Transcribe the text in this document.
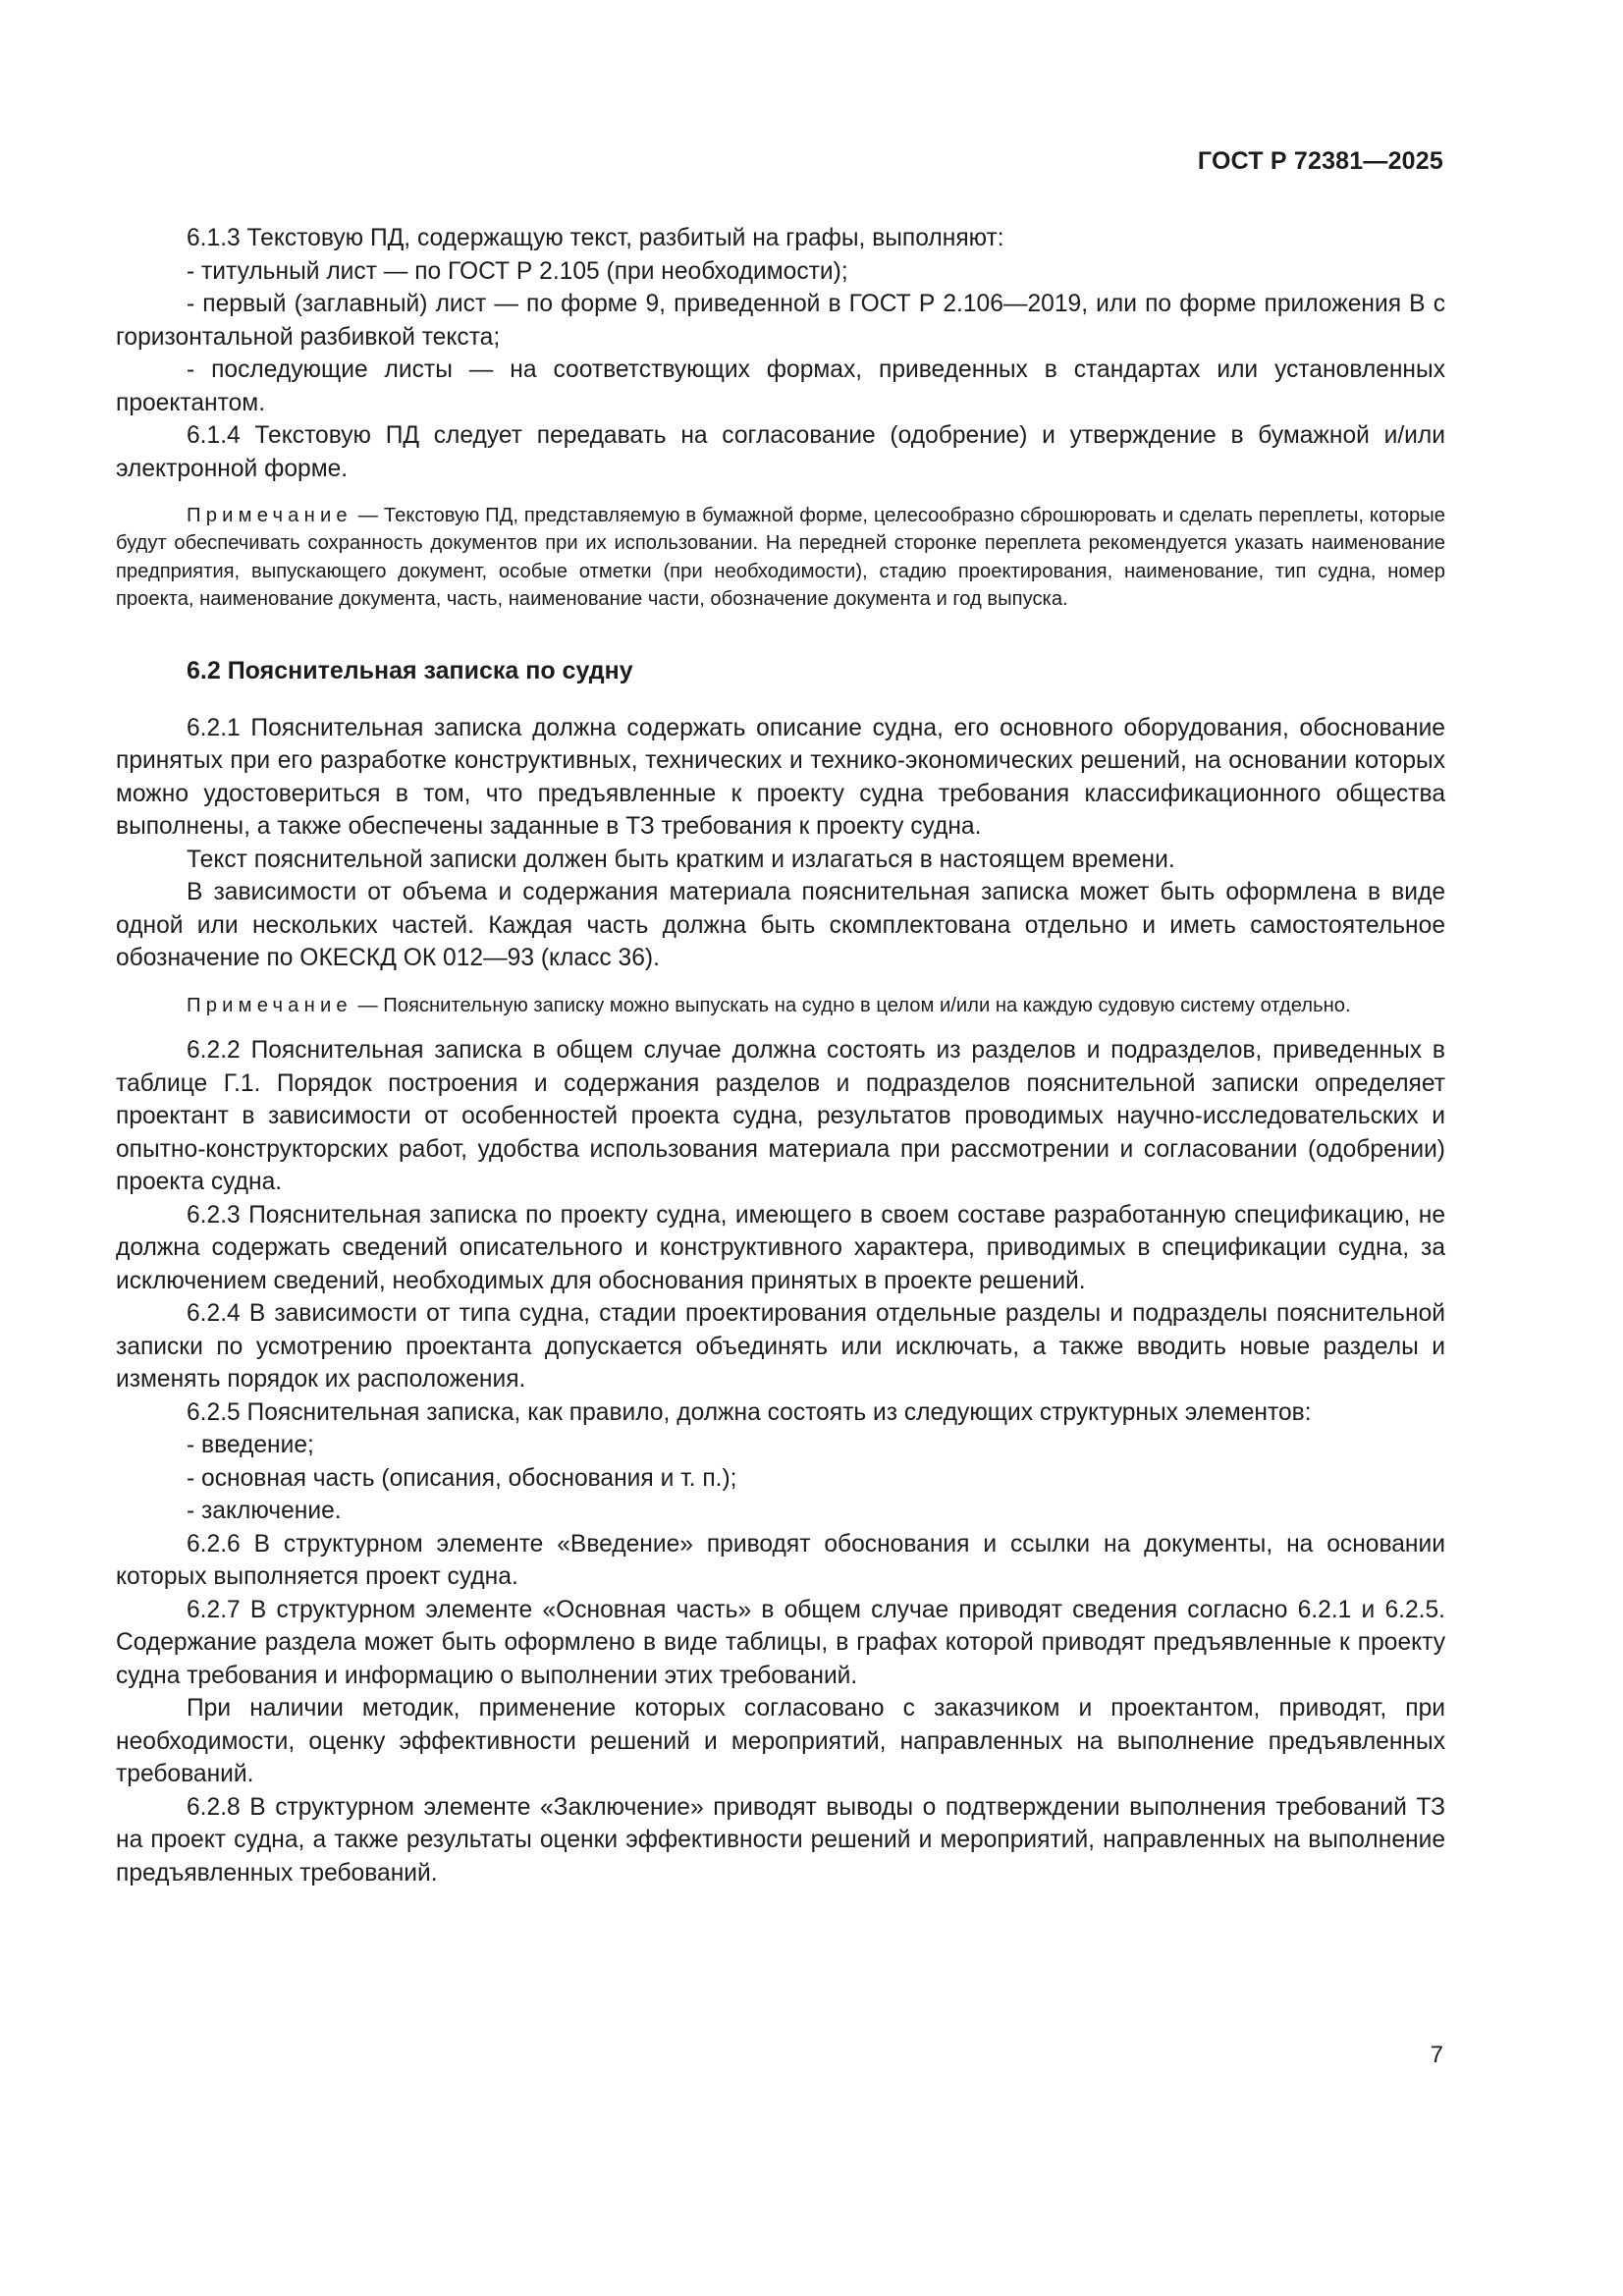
ГОСТ Р 72381—2025

6.1.3 Текстовую ПД, содержащую текст, разбитый на графы, выполняют:

- титульный лист — по ГОСТ Р 2.105 (при необходимости);

- первый (заглавный) лист — по форме 9, приведенной в ГОСТ Р 2.106—2019, или по форме приложения В с горизонтальной разбивкой текста;

- последующие листы — на соответствующих формах, приведенных в стандартах или установленных проектантом.

6.1.4 Текстовую ПД следует передавать на согласование (одобрение) и утверждение в бумажной и/или электронной форме.

Примечание — Текстовую ПД, представляемую в бумажной форме, целесообразно сброшюровать и сделать переплеты, которые будут обеспечивать сохранность документов при их использовании. На передней сторонке переплета рекомендуется указать наименование предприятия, выпускающего документ, особые отметки (при необходимости), стадию проектирования, наименование, тип судна, номер проекта, наименование документа, часть, наименование части, обозначение документа и год выпуска.

6.2 Пояснительная записка по судну

6.2.1 Пояснительная записка должна содержать описание судна, его основного оборудования, обоснование принятых при его разработке конструктивных, технических и технико-экономических решений, на основании которых можно удостовериться в том, что предъявленные к проекту судна требования классификационного общества выполнены, а также обеспечены заданные в ТЗ требования к проекту судна.

Текст пояснительной записки должен быть кратким и излагаться в настоящем времени.

В зависимости от объема и содержания материала пояснительная записка может быть оформлена в виде одной или нескольких частей. Каждая часть должна быть скомплектована отдельно и иметь самостоятельное обозначение по ОКЕСКД ОК 012—93 (класс 36).

Примечание — Пояснительную записку можно выпускать на судно в целом и/или на каждую судовую систему отдельно.

6.2.2 Пояснительная записка в общем случае должна состоять из разделов и подразделов, приведенных в таблице Г.1. Порядок построения и содержания разделов и подразделов пояснительной записки определяет проектант в зависимости от особенностей проекта судна, результатов проводимых научно-исследовательских и опытно-конструкторских работ, удобства использования материала при рассмотрении и согласовании (одобрении) проекта судна.

6.2.3 Пояснительная записка по проекту судна, имеющего в своем составе разработанную спецификацию, не должна содержать сведений описательного и конструктивного характера, приводимых в спецификации судна, за исключением сведений, необходимых для обоснования принятых в проекте решений.

6.2.4 В зависимости от типа судна, стадии проектирования отдельные разделы и подразделы пояснительной записки по усмотрению проектанта допускается объединять или исключать, а также вводить новые разделы и изменять порядок их расположения.

6.2.5 Пояснительная записка, как правило, должна состоять из следующих структурных элементов:

- введение;

- основная часть (описания, обоснования и т. п.);

- заключение.

6.2.6 В структурном элементе «Введение» приводят обоснования и ссылки на документы, на основании которых выполняется проект судна.

6.2.7 В структурном элементе «Основная часть» в общем случае приводят сведения согласно 6.2.1 и 6.2.5. Содержание раздела может быть оформлено в виде таблицы, в графах которой приводят предъявленные к проекту судна требования и информацию о выполнении этих требований.

При наличии методик, применение которых согласовано с заказчиком и проектантом, приводят, при необходимости, оценку эффективности решений и мероприятий, направленных на выполнение предъявленных требований.

6.2.8 В структурном элементе «Заключение» приводят выводы о подтверждении выполнения требований ТЗ на проект судна, а также результаты оценки эффективности решений и мероприятий, направленных на выполнение предъявленных требований.

7
